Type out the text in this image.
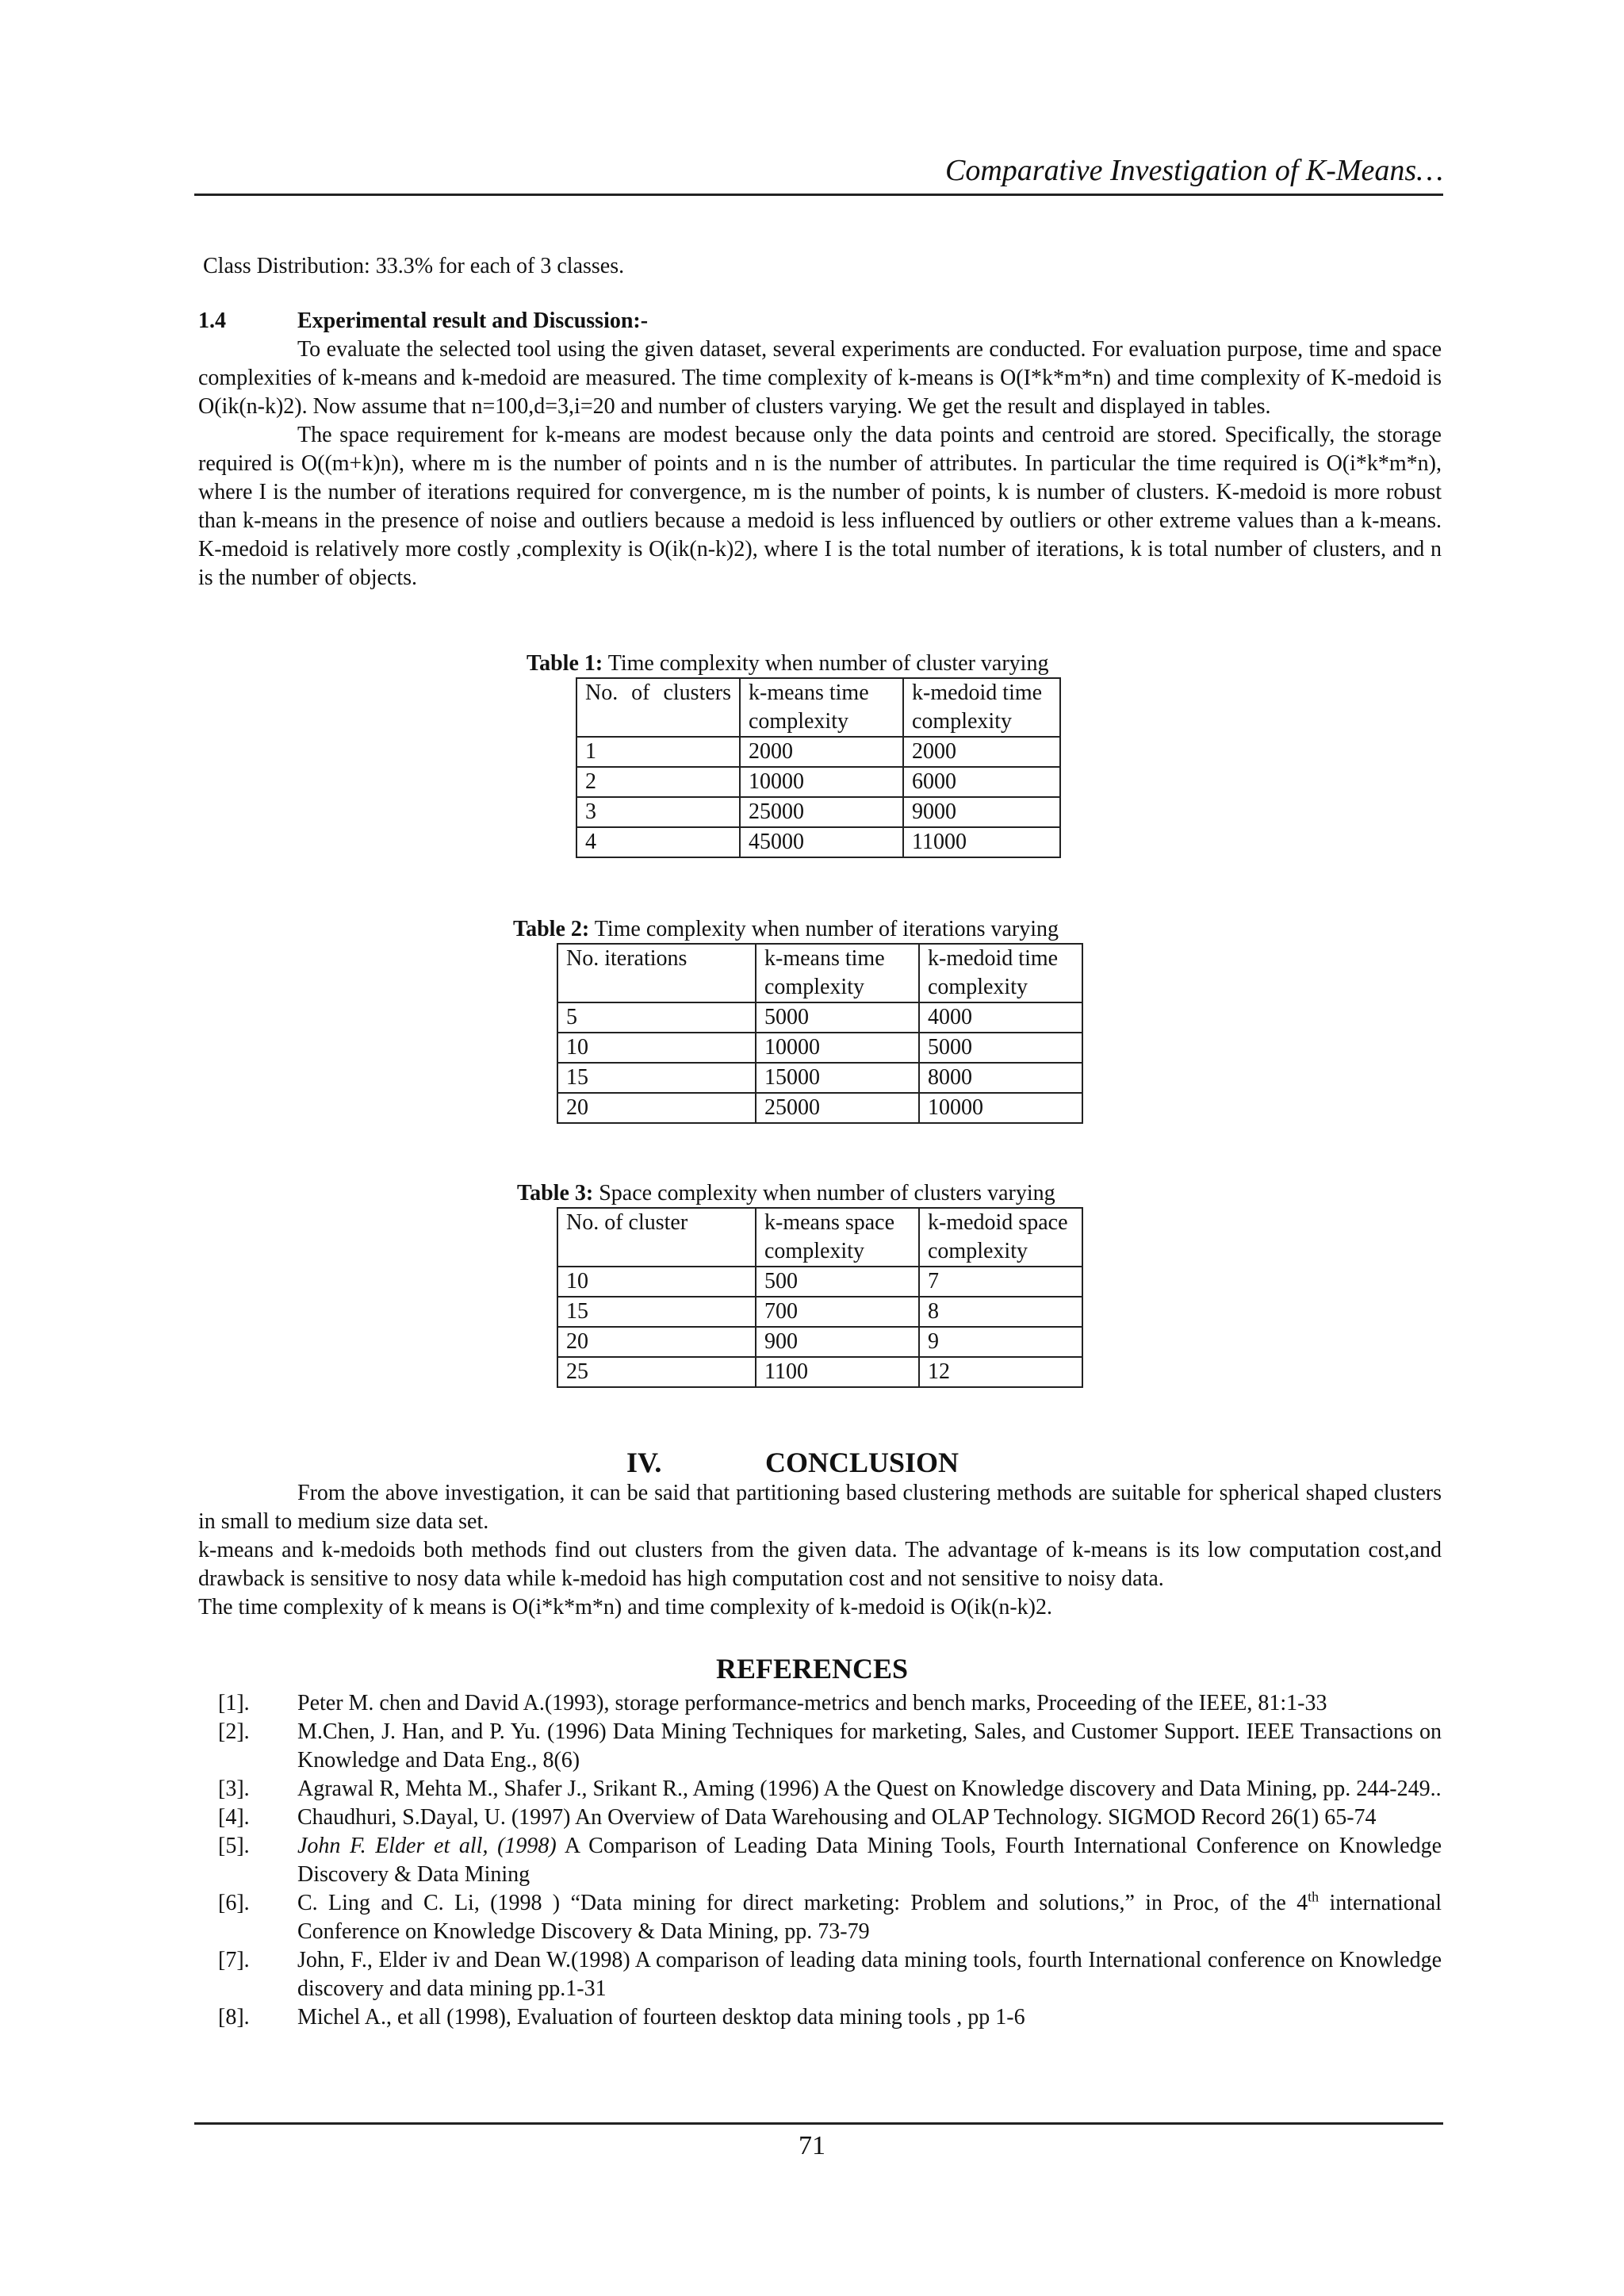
Comparative Investigation of K-Means…
Class Distribution: 33.3% for each of 3 classes.

1.4	Experimental result and Discussion:-

To evaluate the selected tool using the given dataset, several experiments are conducted. For evaluation purpose, time and space complexities of k-means and k-medoid are measured. The time complexity of k-means is O(I*k*m*n) and time complexity of K-medoid is O(ik(n-k)2). Now assume that n=100,d=3,i=20 and number of clusters varying. We get the result and displayed in tables.

The space requirement for k-means are modest because only the data points and centroid are stored. Specifically, the storage required is O((m+k)n), where m is the number of points and n is the number of attributes. In particular the time required is O(i*k*m*n), where I is the number of iterations required for convergence, m is the number of points, k is number of clusters. K-medoid is more robust than k-means in the presence of noise and outliers because a medoid is less influenced by outliers or other extreme values than a k-means. K-medoid is relatively more costly ,complexity is O(ik(n-k)2), where I is the total number of iterations, k is total number of clusters, and n is the number of objects.

Table 1: Time complexity when number of cluster varying
No. of clusters	k-means time complexity	k-medoid time complexity
1	2000	2000
2	10000	6000
3	25000	9000
4	45000	11000
Table 2: Time complexity when number of iterations varying
No. iterations	k-means time complexity	k-medoid time complexity
5	5000	4000
10	10000	5000
15	15000	8000
20	25000	10000
Table 3: Space complexity when number of clusters varying
No. of cluster	k-means space complexity	k-medoid space complexity
10	500	7
15	700	8
20	900	9
25	1100	12
IV.	CONCLUSION

From the above investigation, it can be said that partitioning based clustering methods are suitable for spherical shaped clusters in small to medium size data set.

k-means and k-medoids both methods find out clusters from the given data. The advantage of k-means is its low computation cost,and drawback is sensitive to nosy data while k-medoid has high computation cost and not sensitive to noisy data.

The time complexity of k means is O(i*k*m*n) and time complexity of k-medoid is O(ik(n-k)2.

REFERENCES
[1].	Peter M. chen and David A.(1993), storage performance-metrics and bench marks, Proceeding of the IEEE, 81:1-33
[2].	M.Chen, J. Han, and P. Yu. (1996) Data Mining Techniques for marketing, Sales, and Customer Support. IEEE Transactions on Knowledge and Data Eng., 8(6)
[3].	Agrawal R, Mehta M., Shafer J., Srikant R., Aming (1996) A the Quest on Knowledge discovery and Data Mining, pp. 244-249..
[4].	Chaudhuri, S.Dayal, U. (1997) An Overview of Data Warehousing and OLAP Technology. SIGMOD Record 26(1) 65-74
[5].	John F. Elder et all, (1998) A Comparison of Leading Data Mining Tools, Fourth International Conference on Knowledge Discovery & Data Mining
[6].	C. Ling and C. Li, (1998 ) “Data mining for direct marketing: Problem and solutions,” in Proc, of the 4th international Conference on Knowledge Discovery & Data Mining, pp. 73-79
[7].	John, F., Elder iv and Dean W.(1998) A comparison of leading data mining tools, fourth International conference on Knowledge discovery and data mining pp.1-31
[8].	Michel A., et all (1998), Evaluation of fourteen desktop data mining tools , pp 1-6
71
